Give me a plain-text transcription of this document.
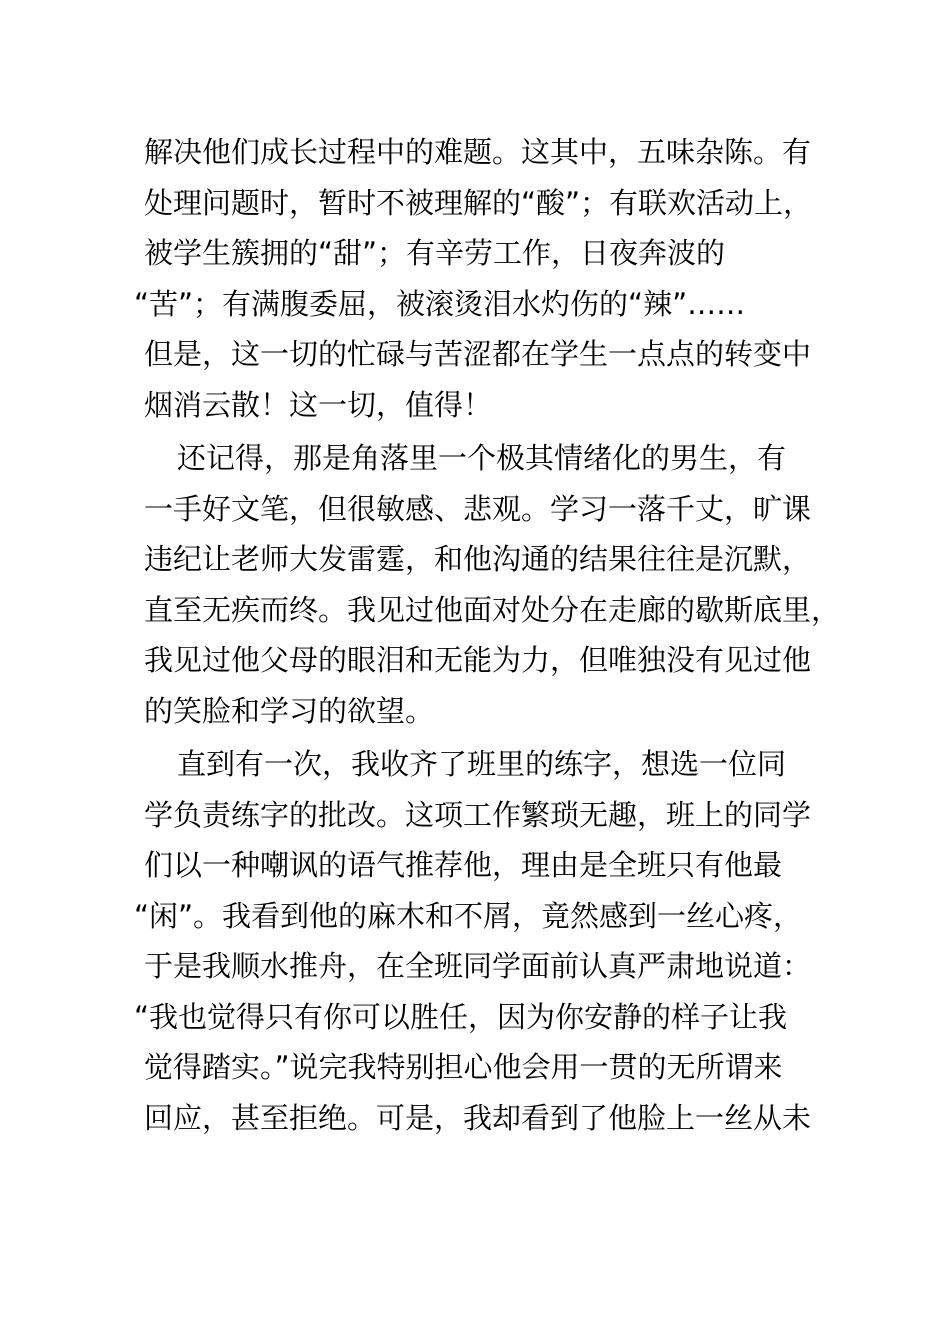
解决他们成长过程中的难题。这其中，五味杂陈。有
处理问题时，暂时不被理解的“酸”；有联欢活动上，
被学生簇拥的“甜”；有辛劳工作，日夜奔波的
“苦”；有满腹委屈，被滚烫泪水灼伤的“辣”……
但是，这一切的忙碌与苦涩都在学生一点点的转变中
烟消云散！这一切，值得！
还记得，那是角落里一个极其情绪化的男生，有
一手好文笔，但很敏感、悲观。学习一落千丈，旷课
违纪让老师大发雷霆，和他沟通的结果往往是沉默，
直至无疾而终。我见过他面对处分在走廊的歇斯底里，
我见过他父母的眼泪和无能为力，但唯独没有见过他
的笑脸和学习的欲望。
直到有一次，我收齐了班里的练字，想选一位同
学负责练字的批改。这项工作繁琐无趣，班上的同学
们以一种嘲讽的语气推荐他，理由是全班只有他最
“闲”。我看到他的麻木和不屑，竟然感到一丝心疼，
于是我顺水推舟，在全班同学面前认真严肃地说道：
“我也觉得只有你可以胜任，因为你安静的样子让我
觉得踏实。”说完我特别担心他会用一贯的无所谓来
回应，甚至拒绝。可是，我却看到了他脸上一丝从未
